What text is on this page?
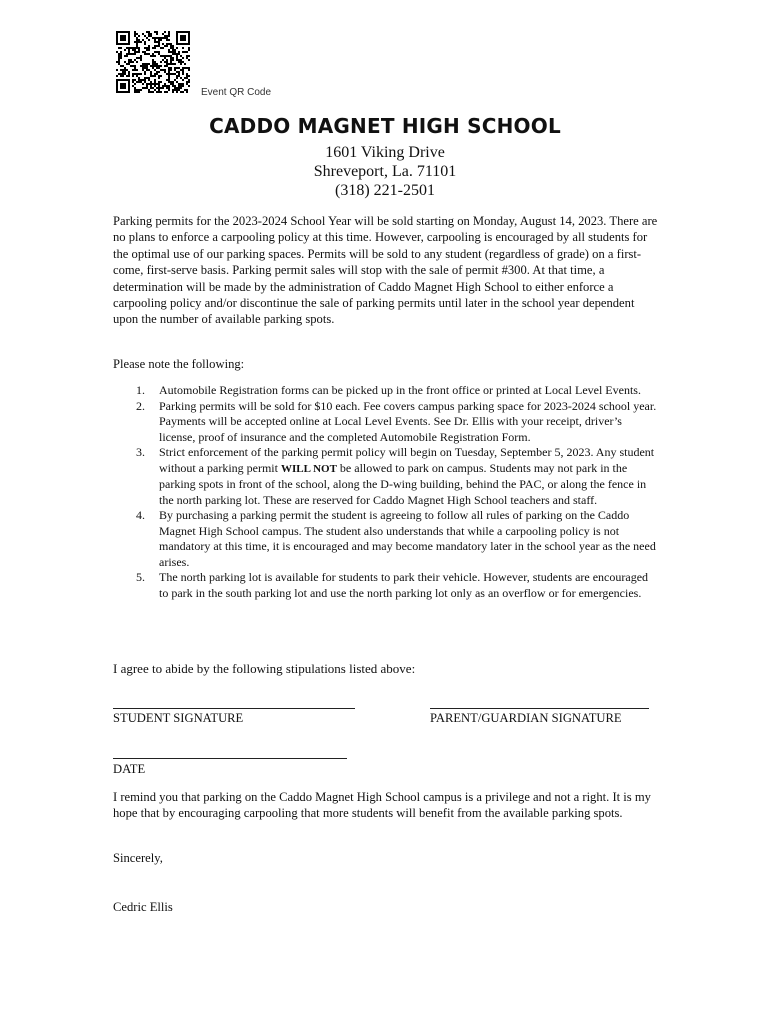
Event QR Code
CADDO MAGNET HIGH SCHOOL
1601 Viking Drive
Shreveport, La. 71101
(318) 221-2501

Parking permits for the 2023-2024 School Year will be sold starting on Monday, August 14, 2023. There are no plans to enforce a carpooling policy at this time. However, carpooling is encouraged by all students for the optimal use of our parking spaces. Permits will be sold to any student (regardless of grade) on a first-come, first-serve basis. Parking permit sales will stop with the sale of permit #300. At that time, a determination will be made by the administration of Caddo Magnet High School to either enforce a carpooling policy and/or discontinue the sale of parking permits until later in the school year dependent upon the number of available parking spots.

Please note the following:

1. Automobile Registration forms can be picked up in the front office or printed at Local Level Events.
2. Parking permits will be sold for $10 each. Fee covers campus parking space for 2023-2024 school year. Payments will be accepted online at Local Level Events. See Dr. Ellis with your receipt, driver’s license, proof of insurance and the completed Automobile Registration Form.
3. Strict enforcement of the parking permit policy will begin on Tuesday, September 5, 2023. Any student without a parking permit WILL NOT be allowed to park on campus. Students may not park in the parking spots in front of the school, along the D-wing building, behind the PAC, or along the fence in the north parking lot. These are reserved for Caddo Magnet High School teachers and staff.
4. By purchasing a parking permit the student is agreeing to follow all rules of parking on the Caddo Magnet High School campus. The student also understands that while a carpooling policy is not mandatory at this time, it is encouraged and may become mandatory later in the school year as the need arises.
5. The north parking lot is available for students to park their vehicle. However, students are encouraged to park in the south parking lot and use the north parking lot only as an overflow or for emergencies.

I agree to abide by the following stipulations listed above:

STUDENT SIGNATURE	PARENT/GUARDIAN SIGNATURE
DATE

I remind you that parking on the Caddo Magnet High School campus is a privilege and not a right. It is my hope that by encouraging carpooling that more students will benefit from the available parking spots.

Sincerely,

Cedric Ellis
